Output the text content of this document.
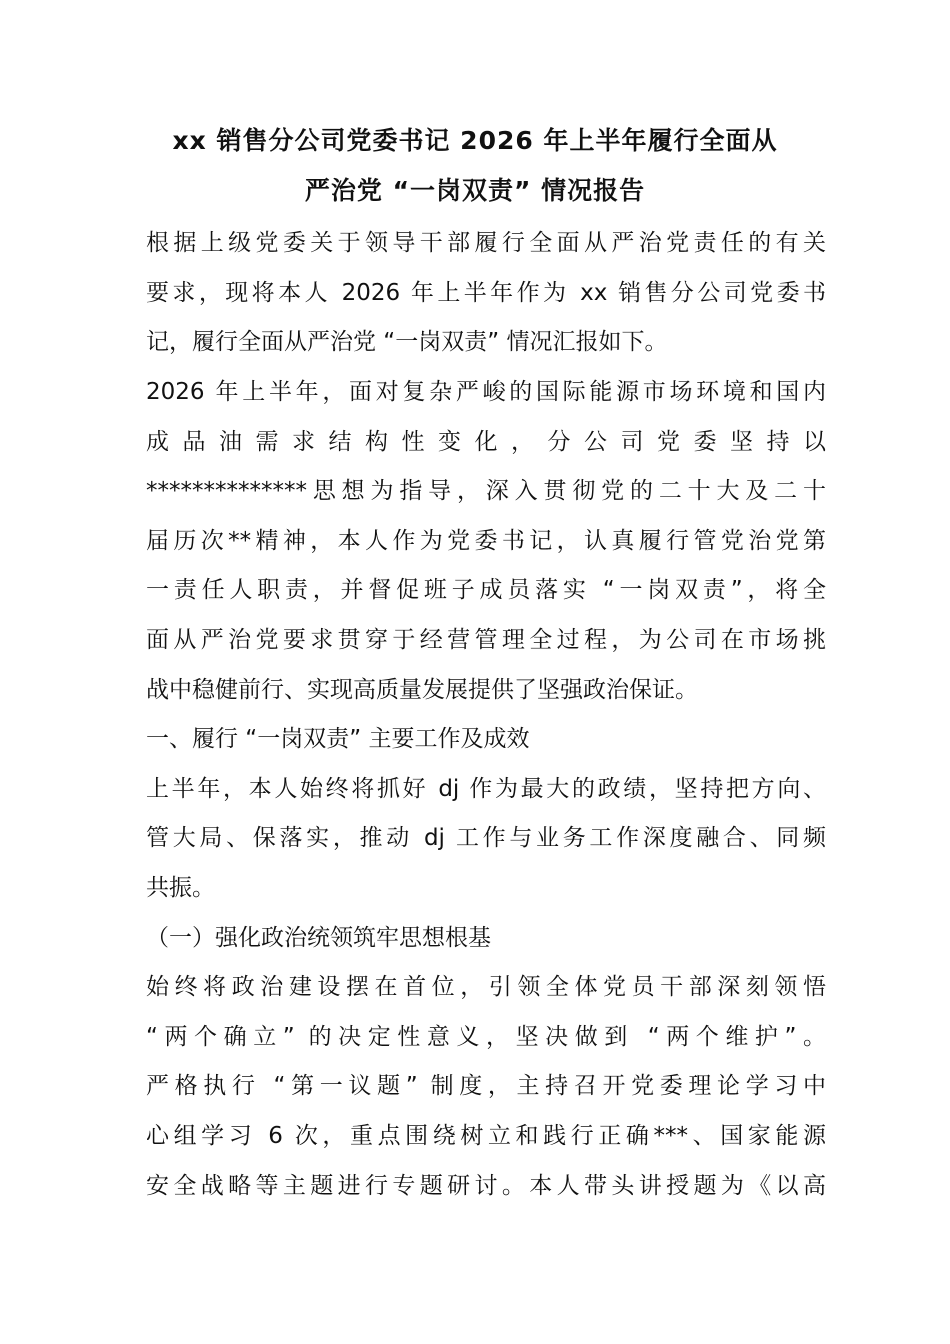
xx 销售分公司党委书记 2026 年上半年履行全面从
严治党 “一岗双责” 情况报告
根据上级党委关于领导干部履行全面从严治党责任的有关
要求，现将本人 2026 年上半年作为 xx 销售分公司党委书
记，履行全面从严治党 “一岗双责” 情况汇报如下。
2026 年上半年，面对复杂严峻的国际能源市场环境和国内
成品油需求结构性变化，分公司党委坚持以
**************思想为指导，深入贯彻党的二十大及二十
届历次**精神，本人作为党委书记，认真履行管党治党第
一责任人职责，并督促班子成员落实 “一岗双责”，将全
面从严治党要求贯穿于经营管理全过程，为公司在市场挑
战中稳健前行、实现高质量发展提供了坚强政治保证。
一、履行 “一岗双责” 主要工作及成效
上半年，本人始终将抓好 dj 作为最大的政绩，坚持把方向、
管大局、保落实，推动 dj 工作与业务工作深度融合、同频
共振。
（一）强化政治统领筑牢思想根基
始终将政治建设摆在首位，引领全体党员干部深刻领悟
“两个确立” 的决定性意义，坚决做到 “两个维护”。
严格执行 “第一议题” 制度，主持召开党委理论学习中
心组学习 6 次，重点围绕树立和践行正确***、国家能源
安全战略等主题进行专题研讨。本人带头讲授题为《以高
